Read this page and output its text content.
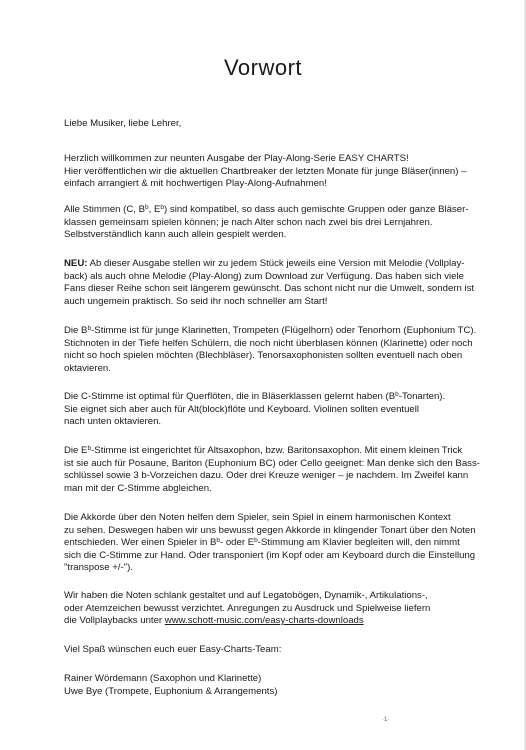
Vorwort

Liebe Musiker, liebe Lehrer,

Herzlich willkommen zur neunten Ausgabe der Play-Along-Serie EASY CHARTS!

Hier veröffentlichen wir die aktuellen Chartbreaker der letzten Monate für junge Bläser(innen) –

einfach arrangiert & mit hochwertigen Play-Along-Aufnahmen!

Alle Stimmen (C, $B^b$, $E^b$) sind kompatibel, so dass auch gemischte Gruppen oder ganze Bläser-

klassen gemeinsam spielen können; je nach Alter schon nach zwei bis drei Lernjahren.

Selbstverständlich kann auch allein gespielt werden.

NEU: Ab dieser Ausgabe stellen wir zu jedem Stück jeweils eine Version mit Melodie (Vollplay-

back) als auch ohne Melodie (Play-Along) zum Download zur Verfügung. Das haben sich viele

Fans dieser Reihe schon seit längerem gewünscht. Das schont nicht nur die Umwelt, sondern ist

auch ungemein praktisch. So seid ihr noch schneller am Start!

Die $B^b$-Stimme ist für junge Klarinetten, Trompeten (Flügelhorn) oder Tenorhorn (Euphonium TC).

Stichnoten in der Tiefe helfen Schülern, die noch nicht überblasen können (Klarinette) oder noch

nicht so hoch spielen möchten (Blechbläser). Tenorsaxophonisten sollten eventuell nach oben

oktavieren.

Die C-Stimme ist optimal für Querflöten, die in Bläserklassen gelernt haben $(B^b-Tonarten)$.

Sie eignet sich aber auch für Alt(block)flöte und Keyboard. Violinen sollten eventuell

nach unten oktavieren.

Die $E^b$-Stimme ist eingerichtet für Altsaxophon, bzw. Baritonsaxophon. Mit einem kleinen Trick

ist sie auch für Posaune, Bariton (Euphonium BC) oder Cello geeignet: Man denke sich den Bass-

schlüssel sowie 3 b-Vorzeichen dazu. Oder drei Kreuze weniger – je nachdem. Im Zweifel kann

man mit der C-Stimme abgleichen.

Die Akkorde über den Noten helfen dem Spieler, sein Spiel in einem harmonischen Kontext

zu sehen. Deswegen haben wir uns bewusst gegen Akkorde in klingender Tonart über den Noten

entschieden. Wer einen Spieler in $B^b-$ oder $E^b$-Stimmung am Klavier begleiten will, den nimmt

sich die C-Stimme zur Hand. Oder transponiert (im Kopf oder am Keyboard durch die Einstellung

"transpose +/-").

Wir haben die Noten schlank gestaltet und auf Legatobögen, Dynamik-, Artikulations-,

oder Atemzeichen bewusst verzichtet. Anregungen zu Ausdruck und Spielweise liefern

die Vollplaybacks unter www.schott-music.com/easy-charts-downloads

Viel Spaß wünschen euch euer Easy-Charts-Team:

Rainer Wördemann (Saxophon und Klarinette)

Uwe Bye (Trompete, Euphonium & Arrangements)

·1·
